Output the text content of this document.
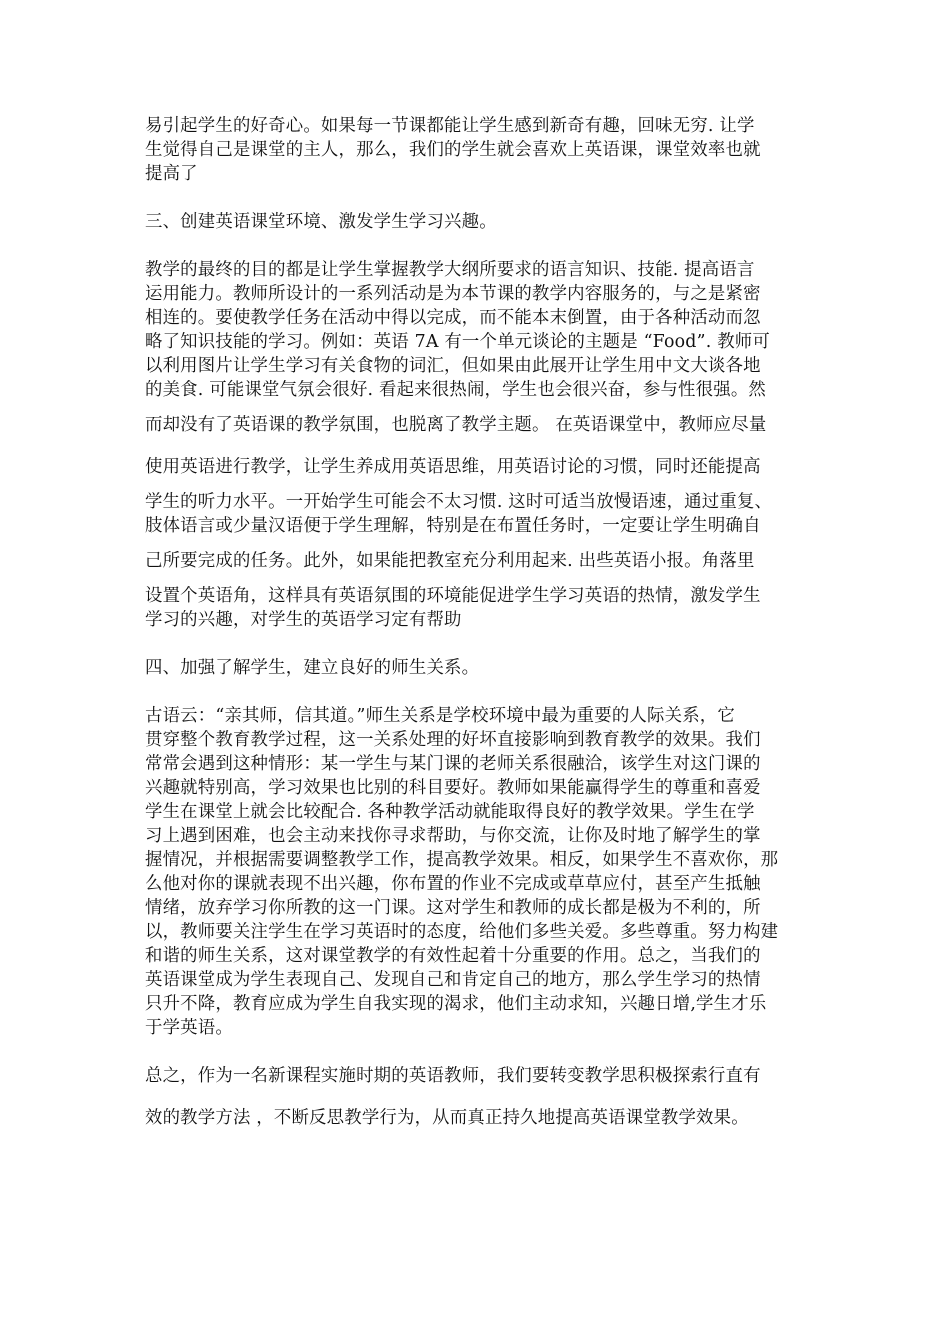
易引起学生的好奇心。如果每一节课都能让学生感到新奇有趣，回味无穷. 让学
生觉得自己是课堂的主人，那么，我们的学生就会喜欢上英语课，课堂效率也就
提高了
三、创建英语课堂环境、激发学生学习兴趣。
教学的最终的目的都是让学生掌握教学大纲所要求的语言知识、技能. 提高语言
运用能力。教师所设计的一系列活动是为本节课的教学内容服务的，与之是紧密
相连的。要使教学任务在活动中得以完成，而不能本末倒置，由于各种活动而忽
略了知识技能的学习。例如：英语 7A 有一个单元谈论的主题是 “Food”. 教师可
以利用图片让学生学习有关食物的词汇，但如果由此展开让学生用中文大谈各地
的美食. 可能课堂气氛会很好. 看起来很热闹，学生也会很兴奋，参与性很强。然
而却没有了英语课的教学氛围，也脱离了教学主题。 在英语课堂中，教师应尽量
使用英语进行教学，让学生养成用英语思维，用英语讨论的习惯，同时还能提高
学生的听力水平。一开始学生可能会不太习惯. 这时可适当放慢语速，通过重复、
肢体语言或少量汉语便于学生理解，特别是在布置任务时，一定要让学生明确自
己所要完成的任务。此外，如果能把教室充分利用起来. 出些英语小报。角落里
设置个英语角，这样具有英语氛围的环境能促进学生学习英语的热情，激发学生
学习的兴趣，对学生的英语学习定有帮助
四、加强了解学生，建立良好的师生关系。
古语云：“亲其师，信其道。”师生关系是学校环境中最为重要的人际关系，它
贯穿整个教育教学过程，这一关系处理的好坏直接影响到教育教学的效果。我们
常常会遇到这种情形：某一学生与某门课的老师关系很融洽，该学生对这门课的
兴趣就特别高，学习效果也比别的科目要好。教师如果能赢得学生的尊重和喜爱
学生在课堂上就会比较配合. 各种教学活动就能取得良好的教学效果。学生在学
习上遇到困难，也会主动来找你寻求帮助，与你交流，让你及时地了解学生的掌
握情况，并根据需要调整教学工作，提高教学效果。相反，如果学生不喜欢你，那
么他对你的课就表现不出兴趣，你布置的作业不完成或草草应付，甚至产生抵触
情绪，放弃学习你所教的这一门课。这对学生和教师的成长都是极为不利的，所
以，教师要关注学生在学习英语时的态度，给他们多些关爱。多些尊重。努力构建
和谐的师生关系，这对课堂教学的有效性起着十分重要的作用。总之，当我们的
英语课堂成为学生表现自己、发现自己和肯定自己的地方，那么学生学习的热情
只升不降，教育应成为学生自我实现的渴求，他们主动求知，兴趣日增,学生才乐
于学英语。
总之，作为一名新课程实施时期的英语教师，我们要转变教学思积极探索行直有
效的教学方法 ，不断反思教学行为，从而真正持久地提高英语课堂教学效果。
